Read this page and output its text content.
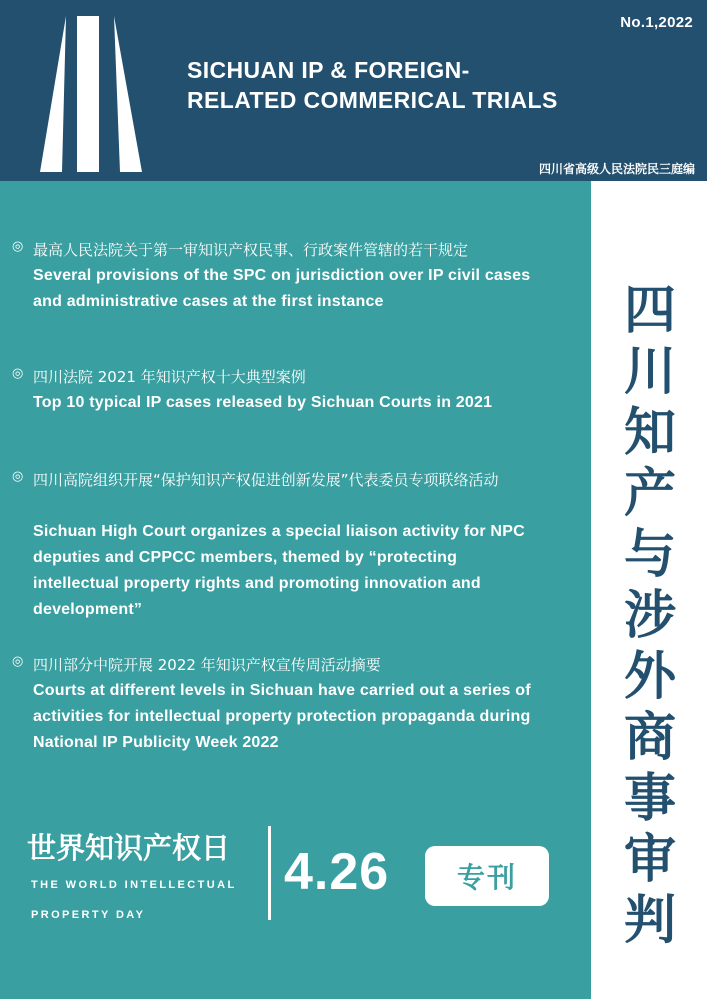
No.1,2022
SICHUAN IP & FOREIGN-
RELATED COMMERICAL TRIALS
四川省高级人民法院民三庭编
◎ 最高人民法院关于第一审知识产权民事、行政案件管辖的若干规定
Several provisions of the SPC on jurisdiction over IP civil cases and administrative cases at the first instance
◎ 四川法院 2021 年知识产权十大典型案例
Top 10 typical IP cases released by Sichuan Courts in 2021
◎ 四川高院组织开展“保护知识产权促进创新发展”代表委员专项联络活动
Sichuan High Court organizes a special liaison activity for NPC deputies and CPPCC members, themed by “protecting intellectual property rights and promoting innovation and development”
◎ 四川部分中院开展 2022 年知识产权宣传周活动摘要
Courts at different levels in Sichuan have carried out a series of activities for intellectual property protection propaganda during National IP Publicity Week 2022
四川知产与涉外商事审判
世界知识产权日
THE WORLD INTELLECTUAL
PROPERTY DAY
4.26	专刊
